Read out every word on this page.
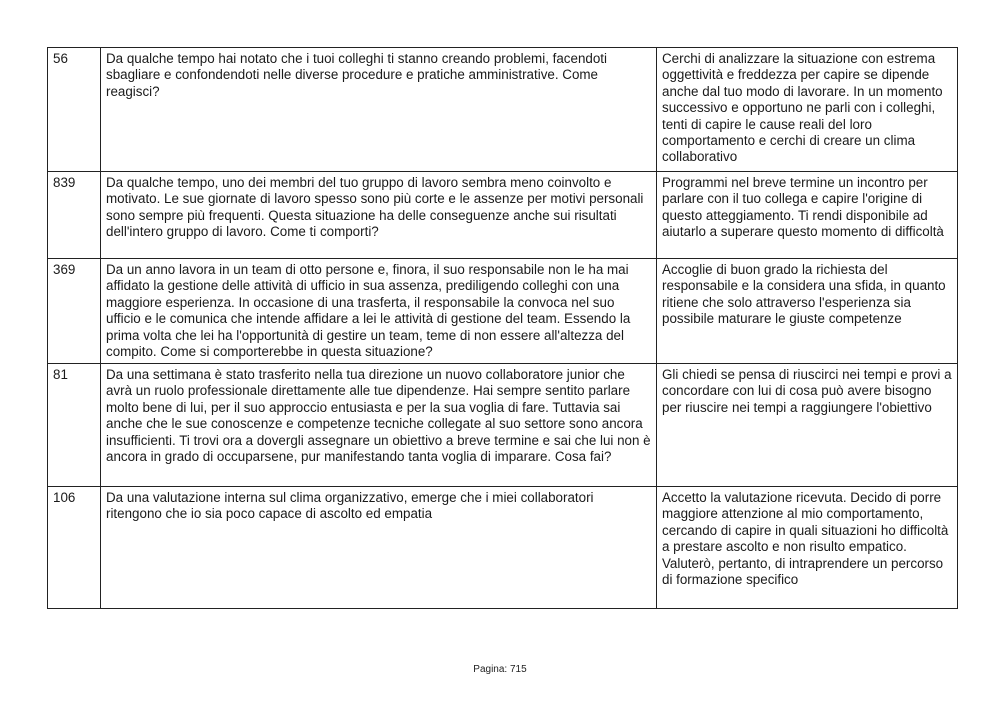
56	Da qualche tempo hai notato che i tuoi colleghi ti stanno creando problemi, facendoti sbagliare e confondendoti nelle diverse procedure e pratiche amministrative. Come reagisci?	Cerchi di analizzare la situazione con estrema oggettività e freddezza per capire se dipende anche dal tuo modo di lavorare. In un momento successivo e opportuno ne parli con i colleghi, tenti di capire le cause reali del loro comportamento e cerchi di creare un clima collaborativo
839	Da qualche tempo, uno dei membri del tuo gruppo di lavoro sembra meno coinvolto e motivato. Le sue giornate di lavoro spesso sono più corte e le assenze per motivi personali sono sempre più frequenti. Questa situazione ha delle conseguenze anche sui risultati dell'intero gruppo di lavoro. Come ti comporti?	Programmi nel breve termine un incontro per parlare con il tuo collega e capire l'origine di questo atteggiamento. Ti rendi disponibile ad aiutarlo a superare questo momento di difficoltà
369	Da un anno lavora in un team di otto persone e, finora, il suo responsabile non le ha mai affidato la gestione delle attività di ufficio in sua assenza, prediligendo colleghi con una maggiore esperienza. In occasione di una trasferta, il responsabile la convoca nel suo ufficio e le comunica che intende affidare a lei le attività di gestione del team. Essendo la prima volta che lei ha l'opportunità di gestire un team, teme di non essere all'altezza del compito. Come si comporterebbe in questa situazione?	Accoglie di buon grado la richiesta del responsabile e la considera una sfida, in quanto ritiene che solo attraverso l'esperienza sia possibile maturare le giuste competenze
81	Da una settimana è stato trasferito nella tua direzione un nuovo collaboratore junior che avrà un ruolo professionale direttamente alle tue dipendenze. Hai sempre sentito parlare molto bene di lui, per il suo approccio entusiasta e per la sua voglia di fare. Tuttavia sai anche che le sue conoscenze e competenze tecniche collegate al suo settore sono ancora insufficienti. Ti trovi ora a dovergli assegnare un obiettivo a breve termine e sai che lui non è ancora in grado di occuparsene, pur manifestando tanta voglia di imparare. Cosa fai?	Gli chiedi se pensa di riuscirci nei tempi e provi a concordare con lui di cosa può avere bisogno per riuscire nei tempi a raggiungere l'obiettivo
106	Da una valutazione interna sul clima organizzativo, emerge che i miei collaboratori ritengono che io sia poco capace di ascolto ed empatia	Accetto la valutazione ricevuta. Decido di porre maggiore attenzione al mio comportamento, cercando di capire in quali situazioni ho difficoltà a prestare ascolto e non risulto empatico. Valuterò, pertanto, di intraprendere un percorso di formazione specifico
Pagina: 715
